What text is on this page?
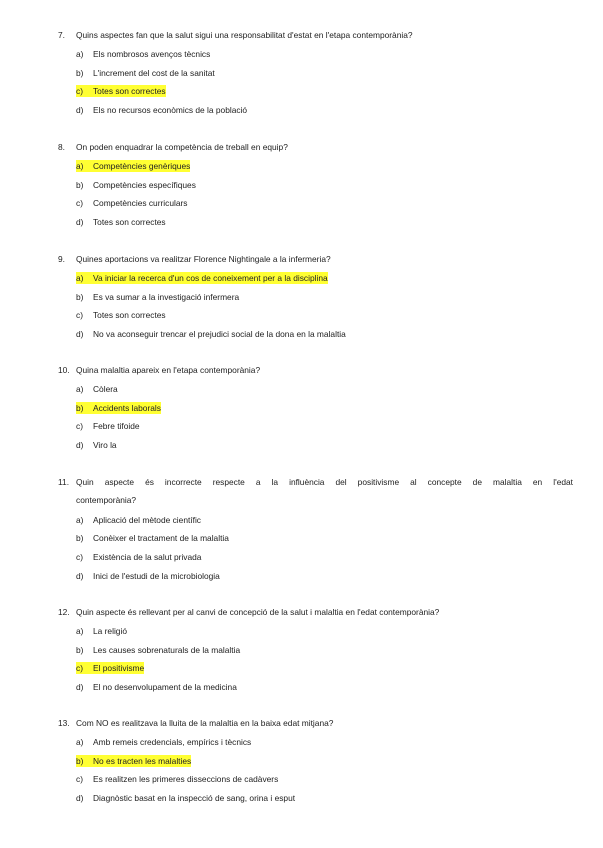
7. Quins aspectes fan que la salut sigui una responsabilitat d'estat en l'etapa contemporània?
a) Els nombrosos avenços tècnics
b) L'increment del cost de la sanitat
c) Totes son correctes
d) Els no recursos econòmics de la població
8. On poden enquadrar la competència de treball en equip?
a) Competències genèriques
b) Competències específiques
c) Competències curriculars
d) Totes son correctes
9. Quines aportacions va realitzar Florence Nightingale a la infermeria?
a) Va iniciar la recerca d'un cos de coneixement per a la disciplina
b) Es va sumar a la investigació infermera
c) Totes son correctes
d) No va aconseguir trencar el prejudici social de la dona en la malaltia
10. Quina malaltia apareix en l'etapa contemporània?
a) Còlera
b) Accidents laborals
c) Febre tifoide
d) Viro la
11. Quin aspecte és incorrecte respecte a la influència del positivisme al concepte de malaltia en l'edat
contemporània?
a) Aplicació del mètode científic
b) Conèixer el tractament de la malaltia
c) Existència de la salut privada
d) Inici de l'estudi de la microbiologia
12. Quin aspecte és rellevant per al canvi de concepció de la salut i malaltia en l'edat contemporània?
a) La religió
b) Les causes sobrenaturals de la malaltia
c) El positivisme
d) El no desenvolupament de la medicina
13. Com NO es realitzava la lluita de la malaltia en la baixa edat mitjana?
a) Amb remeis credencials, empírics i tècnics
b) No es tracten les malalties
c) Es realitzen les primeres disseccions de cadàvers
d) Diagnòstic basat en la inspecció de sang, orina i esput
